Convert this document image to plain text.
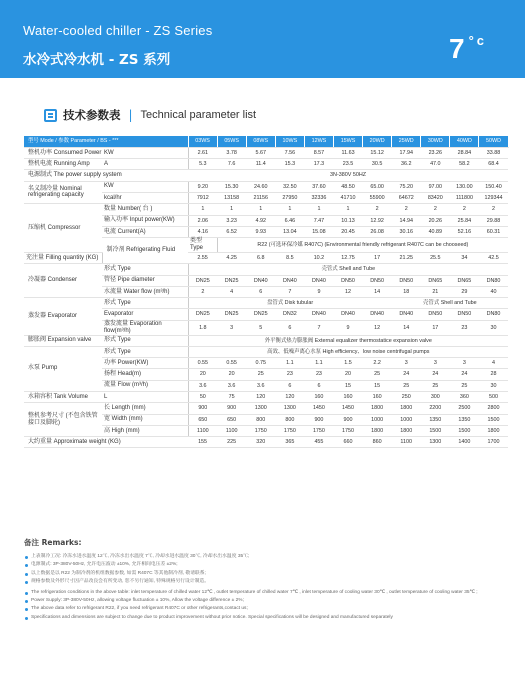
Water-cooled chiller - ZS Series
水冷式冷水机 - ZS 系列	$7^{^\circ c}$
技术参数表 | Technical parameter list
型号 Mode / 参数 Parameter / BS - ***		03WS	05WS	08WS	10WS	12WS	15WS	20WD	25WD	30WD	40WD	50WD
整机功率 Consumed Power	KW	2.61	3.78	5.67	7.56	8.57	11.63	15.12	17.94	23.26	28.84	33.88
整机电流 Running Amp	A	5.3	7.6	11.4	15.3	17.3	23.5	30.5	36.2	47.0	58.2	68.4
电源制式 The power supply system		3N-380V 50HZ										
名义制冷量 Nominal refrigerating capacity	KW	9.20	15.30	24.60	32.50	37.60	48.50	65.00	75.20	97.00	130.00	150.40
	kcal/hr	7912	13158	21156	27950	32336	41710	55900	64672	83420	111800	129344
压缩机 Compressor	数量 Number( 台 )	1	1	1	1	1	1	2	2	2	2	2
	输入功率 Input power(KW)	2.06	3.23	4.92	6.46	7.47	10.13	12.92	14.94	20.26	25.84	29.88
	电流 Current(A)	4.16	6.52	9.93	13.04	15.08	20.45	26.08	30.16	40.89	52.16	60.31
	制冷剂 Refrigerating Fluid	类型 Type	R22 (可选环保冷媒 R407C) (Environmental friendly refrigerant R407C can be chooseed)									
充注量 Filling quantity (KG)		2.55	4.25	6.8	8.5	10.2	12.75	17	21.25	25.5	34	42.5
冷凝器 Condenser	形式 Type	壳管式 Shell and Tube										
	管径 Pipe diameter	DN25	DN25	DN40	DN40	DN40	DN50	DN50	DN50	DN65	DN65	DN80
	水流量 Water flow (m³/h)	2	4	6	7	9	12	14	18	21	29	40
蒸发器 Evaporator	形式 Type	盘管式 Disk tubular							壳管式 Shell and Tube			
	Evaporator	DN25	DN25	DN25	DN32	DN40	DN40	DN40	DN40	DN50	DN50	DN80
	蒸发流量 Evaporation flow(m³/h)	1.8	3	5	6	7	9	12	14	17	23	30
膨胀阀 Expansion valve	形式 Type	外平衡式热力膨胀阀 External equalizer thermostatice expansion valve										
水泵 Pump	形式 Type	高效、低噪声离心水泵 High efficiency、low noise centrifugal pumps										
	功率 Power(KW)	0.55	0.55	0.75	1.1	1.1	1.5	2.2	3	3	3	4
	扬程 Head(m)	20	20	25	23	23	20	25	24	24	24	28
	流量 Flow (m³/h)	3.6	3.6	3.6	6	6	15	15	25	25	25	30
水箱容积 Tank Volume	L	50	75	120	120	160	160	160	250	300	360	500
整机参考尺寸 (不包含铁管接口及脚轮)	长 Length (mm)	900	900	1300	1300	1450	1450	1800	1800	2200	2500	2800
	宽 Width (mm)	650	650	800	800	900	900	1000	1000	1350	1350	1500
	高 High (mm)	1100	1100	1750	1750	1750	1750	1800	1800	1500	1500	1800
大约重量 Approximate weight (KG)		155	225	320	365	455	660	860	1100	1300	1400	1700
备注 Remarks:
上表制冷工况: 冷冻水进水温度 12℃, 冷冻水出水温度 7℃, 冷却水进水温度 30℃, 冷却水出水温度 35℃;
电源制式: 3P-380V-50Hz, 允许电压波动 ±10%, 允许相间电压差 ±2%;
以上数据是以 R22 为制冷剂的机组数据参数, 如需 R407C 等其他制冷剂, 敬请联系;
规格参数及外形尺寸因产品改良会有所变动, 恕不另行通知, 特殊规格另行设计制造。
The refrigeration conditions in the above table: inlet temperature of chilled water 12℃ , outlet temperature of chilled water 7℃ , inlet temperature of cooling water 30℃ , outlet temperature of cooling water 35℃ ;
Power Supply: 3P-380V-50Hz, allowing voltage fluctuation ± 10%, Allow the voltage difference ± 2%;
The above data refer to refrigerant R22, if you need refrigerant R407C or other refrigerants,contact us;
Specifications and dimensions are subject to change due to product improvement without prior notice. Special specifications will be designed and manufactured separately
